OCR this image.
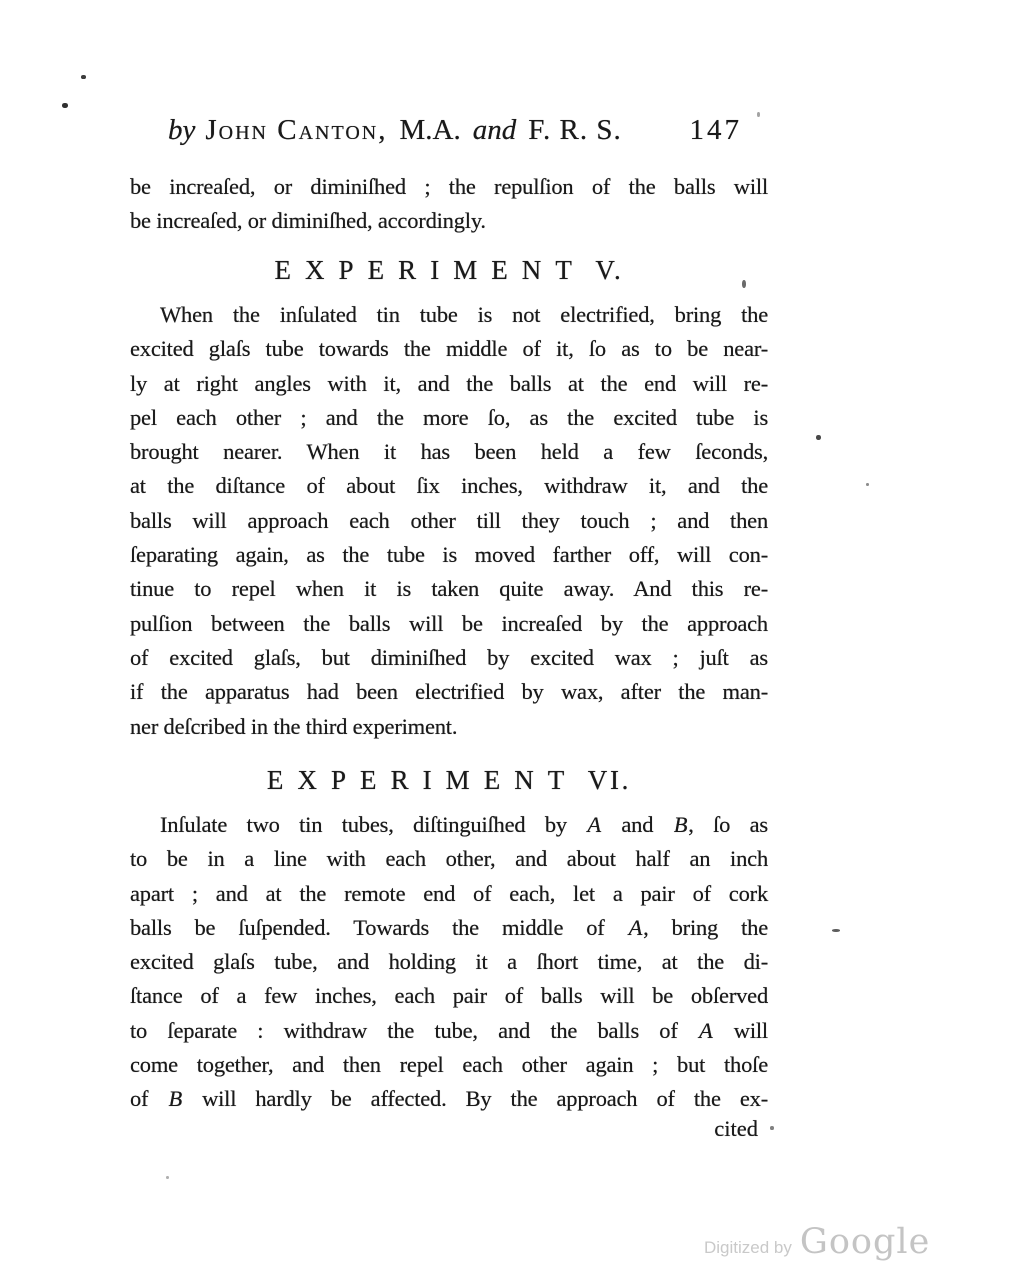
by John Canton, M.A. and F. R. S. 147
be increaſed, or diminiſhed ; the repulſion of the balls will
be increaſed, or diminiſhed, accordingly.
EXPERIMENT V.
When the inſulated tin tube is not electrified, bring the
excited glaſs tube towards the middle of it, ſo as to be near-
ly at right angles with it, and the balls at the end will re-
pel each other ; and the more ſo, as the excited tube is
brought nearer. When it has been held a few ſeconds,
at the diſtance of about ſix inches, withdraw it, and the
balls will approach each other till they touch ; and then
ſeparating again, as the tube is moved farther off, will con-
tinue to repel when it is taken quite away. And this re-
pulſion between the balls will be increaſed by the approach
of excited glaſs, but diminiſhed by excited wax ; juſt as
if the apparatus had been electrified by wax, after the man-
ner deſcribed in the third experiment.
EXPERIMENT VI.
Inſulate two tin tubes, diſtinguiſhed by A and B, ſo as
to be in a line with each other, and about half an inch
apart ; and at the remote end of each, let a pair of cork
balls be ſuſpended. Towards the middle of A, bring the
excited glaſs tube, and holding it a ſhort time, at the di-
ſtance of a few inches, each pair of balls will be obſerved
to ſeparate : withdraw the tube, and the balls of A will
come together, and then repel each other again ; but thoſe
of B will hardly be affected. By the approach of the ex-
cited
Digitized by Google
